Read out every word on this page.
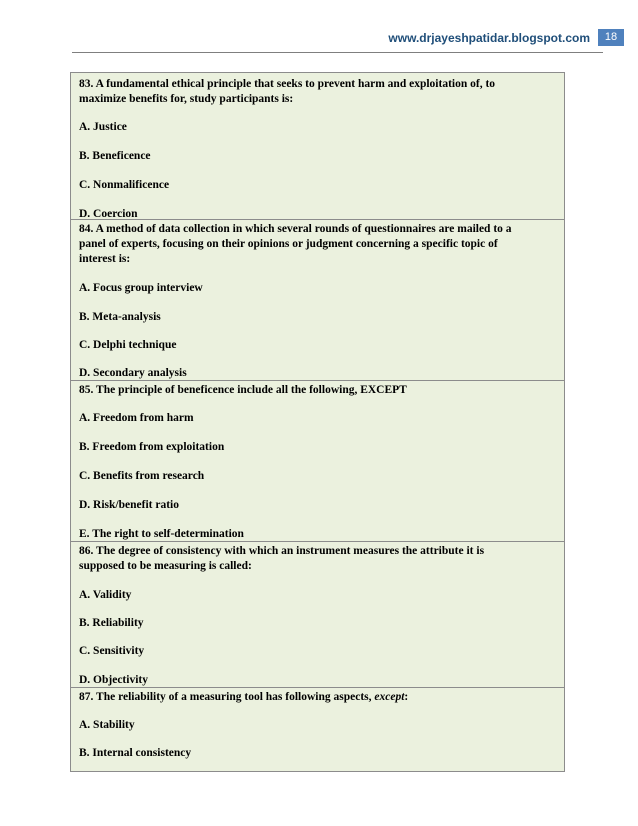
www.drjayeshpatidar.blogspot.com	18
83. A fundamental ethical principle that seeks to prevent harm and exploitation of, to
maximize benefits for, study participants is:
A. Justice
B. Beneficence
C. Nonmalificence
D. Coercion
84. A method of data collection in which several rounds of questionnaires are mailed to a
panel of experts, focusing on their opinions or judgment concerning a specific topic of
interest is:
A. Focus group interview
B. Meta-analysis
C. Delphi technique
D. Secondary analysis
85. The principle of beneficence include all the following, EXCEPT
A. Freedom from harm
B. Freedom from exploitation
C. Benefits from research
D. Risk/benefit ratio
E. The right to self-determination
86. The degree of consistency with which an instrument measures the attribute it is
supposed to be measuring is called:
A. Validity
B. Reliability
C. Sensitivity
D. Objectivity
87. The reliability of a measuring tool has following aspects, except:
A. Stability
B. Internal consistency
